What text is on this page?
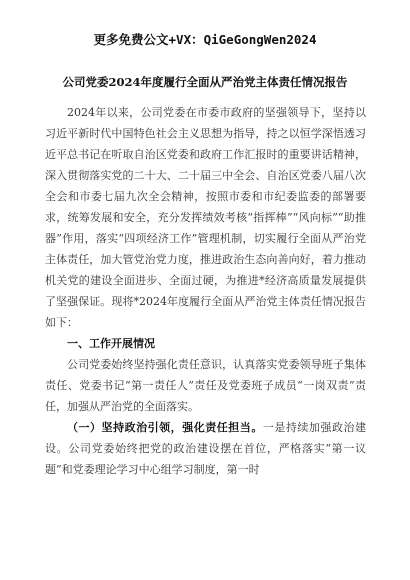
更多免费公文+VX：QiGeGongWen2024
公司党委2024年度履行全面从严治党主体责任情况报告

2024年以来，公司党委在市委市政府的坚强领导下，坚持以习近平新时代中国特色社会主义思想为指导，持之以恒学深悟透习近平总书记在听取自治区党委和政府工作汇报时的重要讲话精神，深入贯彻落实党的二十大、二十届三中全会、自治区党委八届八次全会和市委七届九次全会精神，按照市委和市纪委监委的部署要求，统筹发展和安全，充分发挥绩效考核“指挥棒”“风向标”“助推器”作用，落实“四项经济工作”管理机制，切实履行全面从严治党主体责任，加大管党治党力度，推进政治生态向善向好，着力推动机关党的建设全面进步、全面过硬，为推进*经济高质量发展提供了坚强保证。现将*2024年度履行全面从严治党主体责任情况报告如下：

一、工作开展情况

公司党委始终坚持强化责任意识，认真落实党委领导班子集体责任、党委书记“第一责任人”责任及党委班子成员“一岗双责”责任，加强从严治党的全面落实。

（一）坚持政治引领，强化责任担当。一是持续加强政治建设。公司党委始终把党的政治建设摆在首位，严格落实“第一议题”和党委理论学习中心组学习制度，第一时
